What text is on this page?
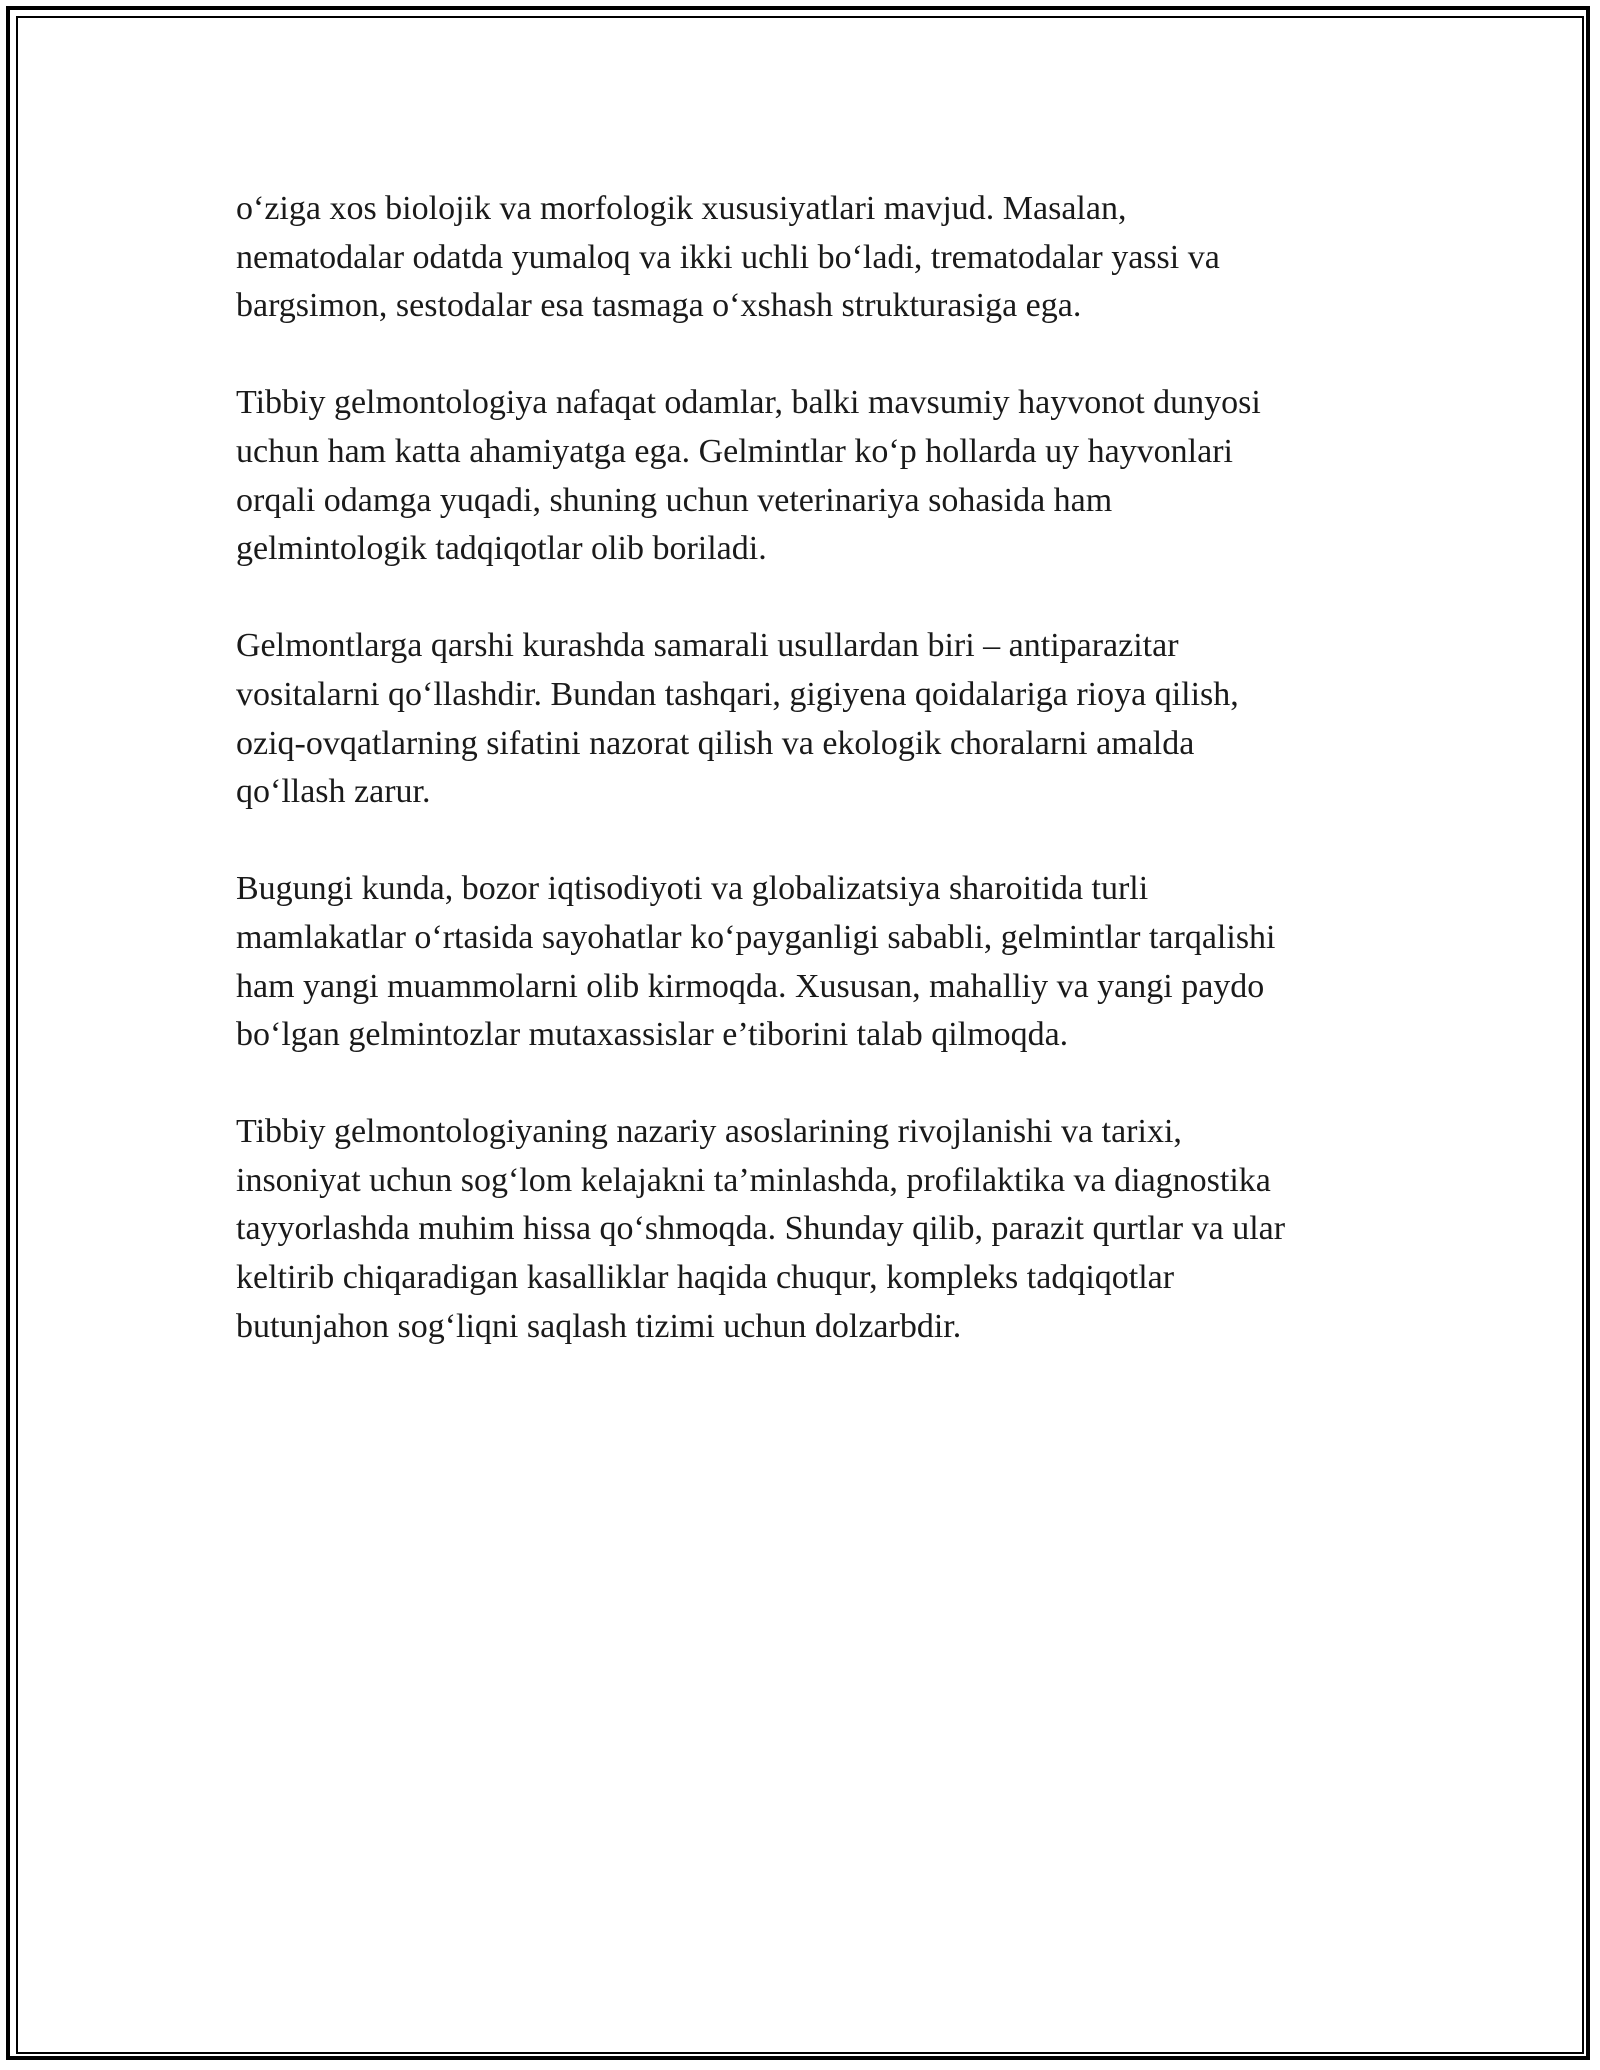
o‘ziga xos biolojik va morfologik xususiyatlari mavjud. Masalan,
nematodalar odatda yumaloq va ikki uchli bo‘ladi, trematodalar yassi va
bargsimon, sestodalar esa tasmaga o‘xshash strukturasiga ega.
Tibbiy gelmontologiya nafaqat odamlar, balki mavsumiy hayvonot dunyosi
uchun ham katta ahamiyatga ega. Gelmintlar ko‘p hollarda uy hayvonlari
orqali odamga yuqadi, shuning uchun veterinariya sohasida ham
gelmintologik tadqiqotlar olib boriladi.
Gelmontlarga qarshi kurashda samarali usullardan biri – antiparazitar
vositalarni qo‘llashdir. Bundan tashqari, gigiyena qoidalariga rioya qilish,
oziq-ovqatlarning sifatini nazorat qilish va ekologik choralarni amalda
qo‘llash zarur.
Bugungi kunda, bozor iqtisodiyoti va globalizatsiya sharoitida turli
mamlakatlar o‘rtasida sayohatlar ko‘payganligi sababli, gelmintlar tarqalishi
ham yangi muammolarni olib kirmoqda. Xususan, mahalliy va yangi paydo
bo‘lgan gelmintozlar mutaxassislar e’tiborini talab qilmoqda.
Tibbiy gelmontologiyaning nazariy asoslarining rivojlanishi va tarixi,
insoniyat uchun sog‘lom kelajakni ta’minlashda, profilaktika va diagnostika
tayyorlashda muhim hissa qo‘shmoqda. Shunday qilib, parazit qurtlar va ular
keltirib chiqaradigan kasalliklar haqida chuqur, kompleks tadqiqotlar
butunjahon sog‘liqni saqlash tizimi uchun dolzarbdir.
